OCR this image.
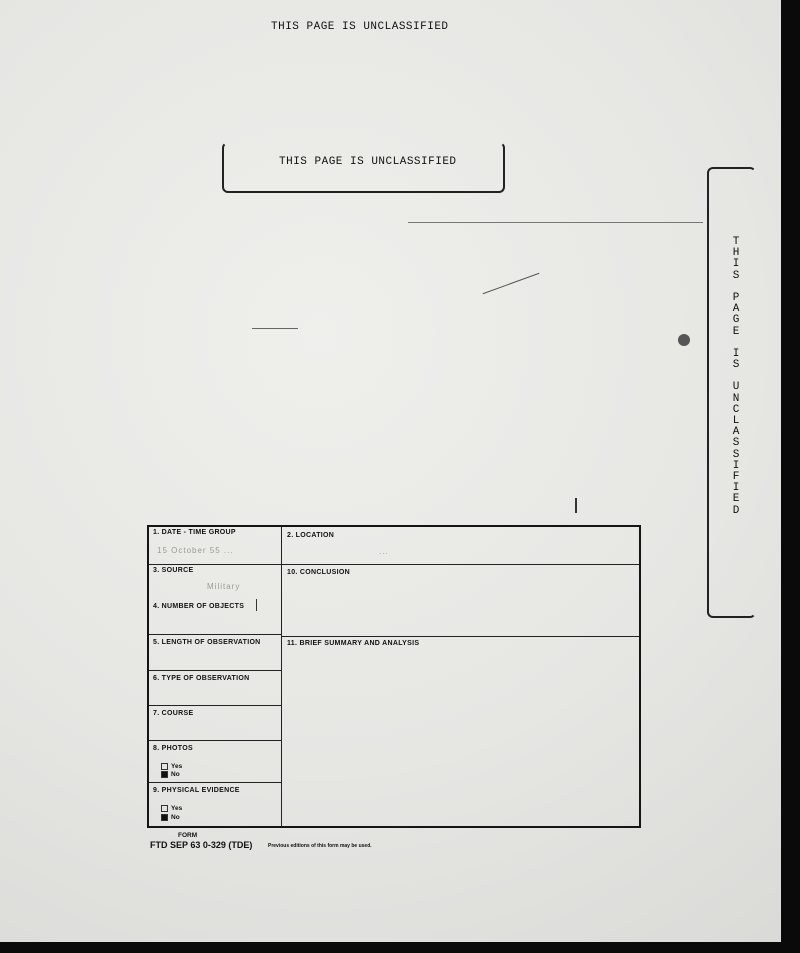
THIS PAGE IS UNCLASSIFIED
THIS PAGE IS UNCLASSIFIED
T
H
I
S

P
A
G
E

I
S

U
N
C
L
A
S
S
I
F
I
E
D
1. DATE - TIME GROUP
15 October 55 ...
2. LOCATION
...
3. SOURCE
Military
10. CONCLUSION
4. NUMBER OF OBJECTS
5. LENGTH OF OBSERVATION	11. BRIEF SUMMARY AND ANALYSIS
6. TYPE OF OBSERVATION
7. COURSE
8. PHOTOS
Yes
No
9. PHYSICAL EVIDENCE
Yes
No
FORM
FTD SEP 63 0-329 (TDE)	Previous editions of this form may be used.
